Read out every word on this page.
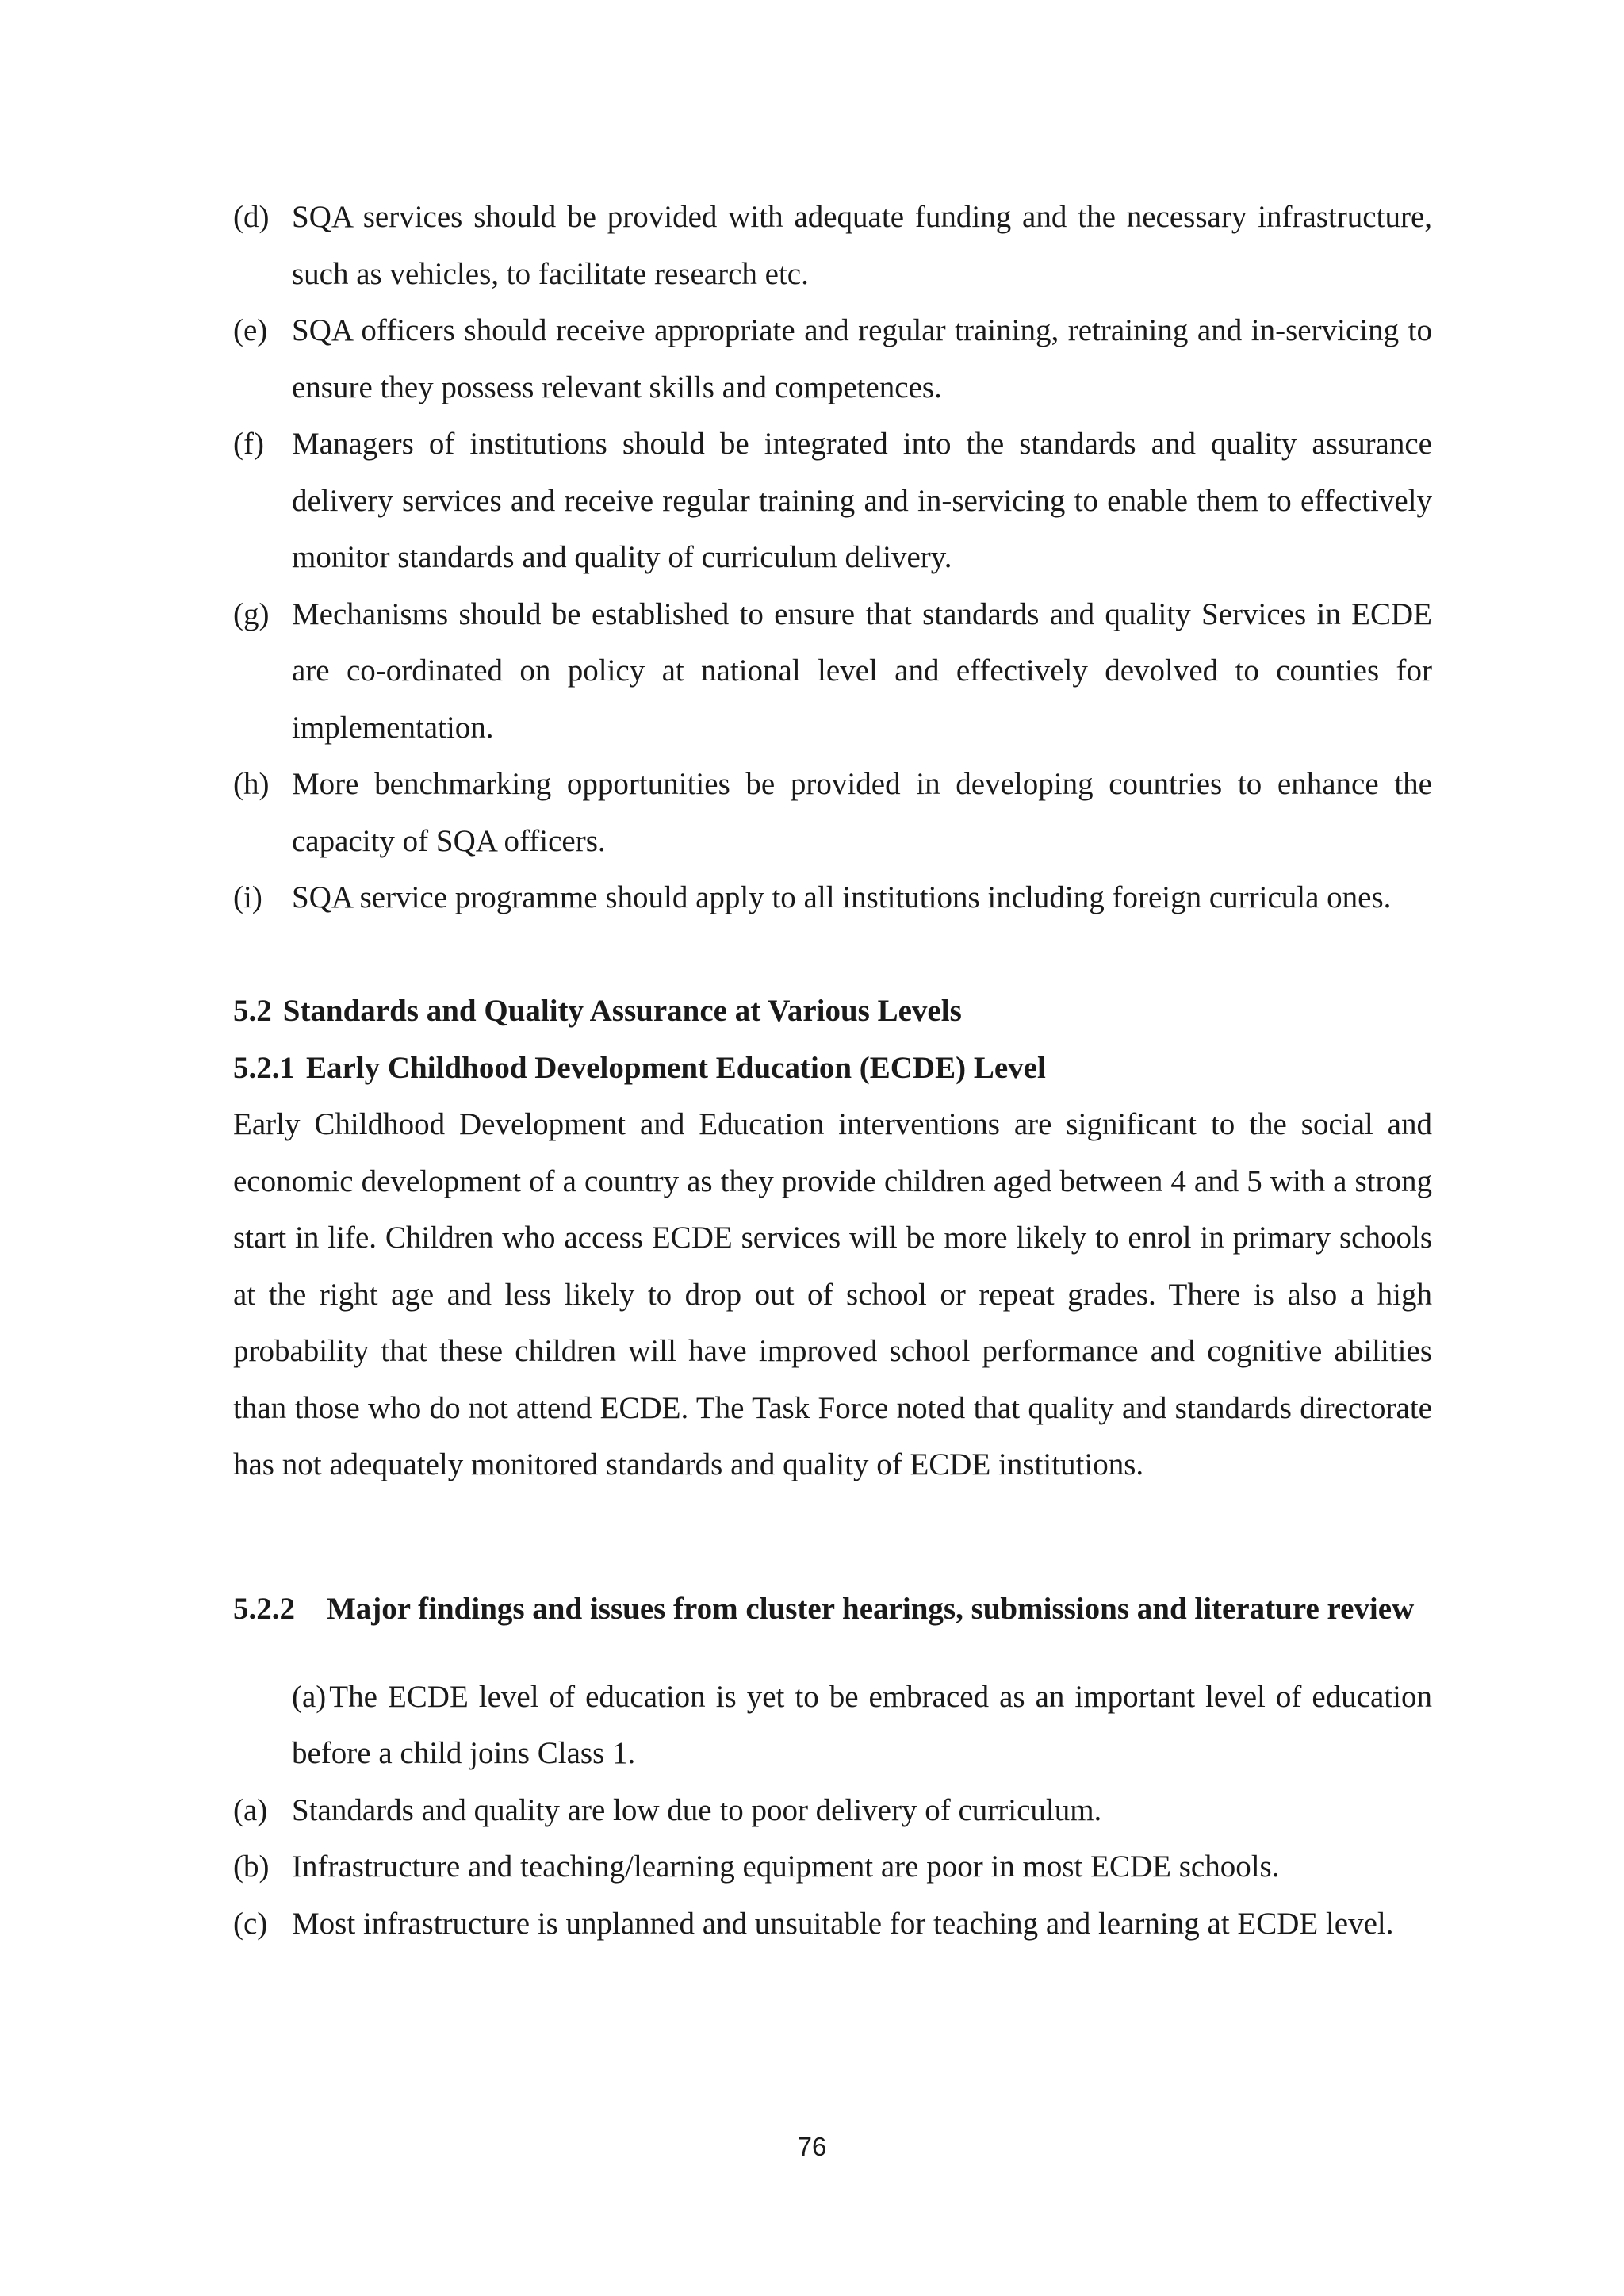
(d) SQA services should be provided with adequate funding and the necessary infrastructure, such as vehicles, to facilitate research etc.
(e) SQA officers should receive appropriate and regular training, retraining and in-servicing to ensure they possess relevant skills and competences.
(f) Managers of institutions should be integrated into the standards and quality assurance delivery services and receive regular training and in-servicing to enable them to effectively monitor standards and quality of curriculum delivery.
(g) Mechanisms should be established to ensure that standards and quality Services in ECDE are co-ordinated on policy at national level and effectively devolved to counties for implementation.
(h) More benchmarking opportunities be provided in developing countries to enhance the capacity of SQA officers.
(i) SQA service programme should apply to all institutions including foreign curricula ones.
5.2 Standards and Quality Assurance at Various Levels
5.2.1 Early Childhood Development Education (ECDE) Level

Early Childhood Development and Education interventions are significant to the social and economic development of a country as they provide children aged between 4 and 5 with a strong start in life. Children who access ECDE services will be more likely to enrol in primary schools at the right age and less likely to drop out of school or repeat grades. There is also a high probability that these children will have improved school performance and cognitive abilities than those who do not attend ECDE. The Task Force noted that quality and standards directorate has not adequately monitored standards and quality of ECDE institutions.

5.2.2 Major findings and issues from cluster hearings, submissions and literature review
(a) The ECDE level of education is yet to be embraced as an important level of education before a child joins Class 1.
(a) Standards and quality are low due to poor delivery of curriculum.
(b) Infrastructure and teaching/learning equipment are poor in most ECDE schools.
(c) Most infrastructure is unplanned and unsuitable for teaching and learning at ECDE level.
76
